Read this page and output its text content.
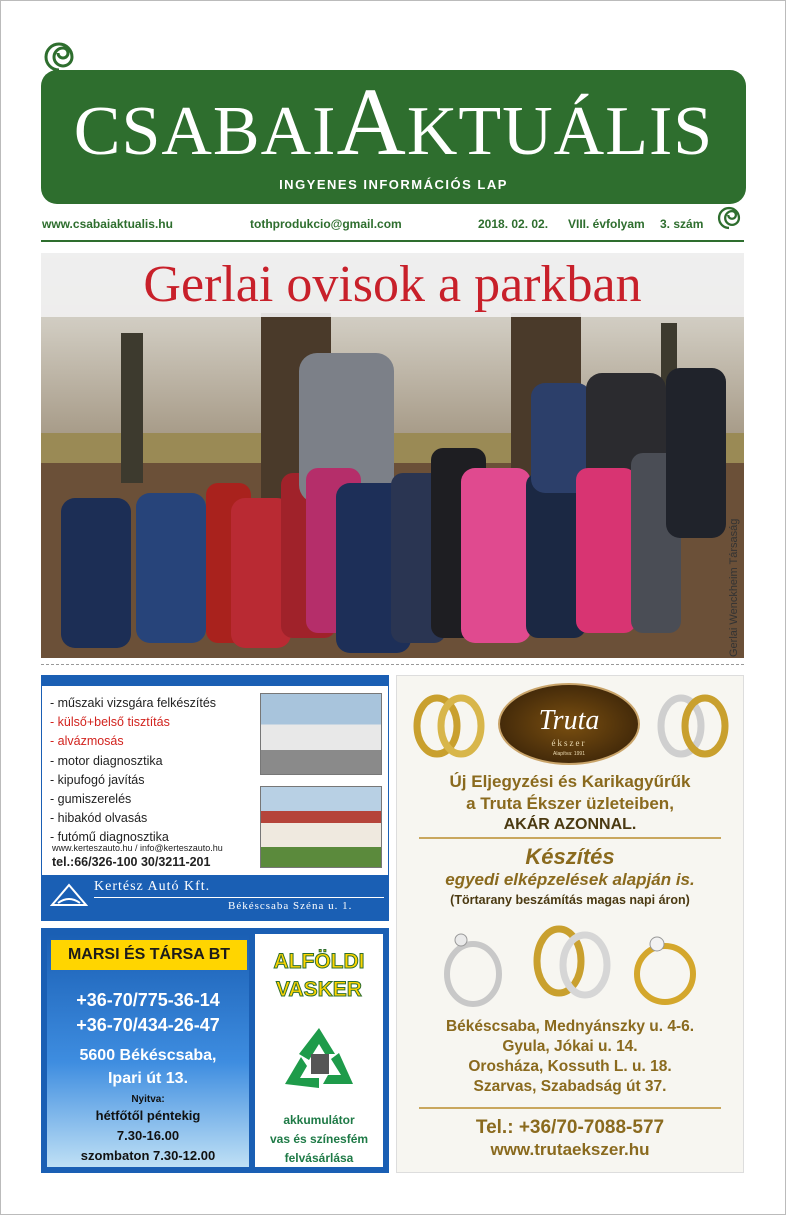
CSABAIAKTUÁLIS
INGYENES INFORMÁCIÓS LAP
www.csabaiaktualis.hu	tothprodukcio@gmail.com	2018. 02. 02. VIII. évfolyam 3. szám
Gerlai ovisok a parkban
Gerlai Wenckheim Társaság
- műszaki vizsgára felkészítés
- külső+belső tisztítás
- alvázmosás
- motor diagnosztika
- kipufogó javítás
- gumiszerelés
- hibakód olvasás
- futómű diagnosztika
www.kerteszauto.hu / info@kerteszauto.hu
tel.:66/326-100 30/3211-201
Kertész Autó Kft.
Békéscsaba Széna u. 1.
MARSI ÉS TÁRSA BT
+36-70/775-36-14
+36-70/434-26-47
5600 Békéscsaba,
Ipari út 13.
Nyitva:
hétfőtől péntekig
7.30-16.00
szombaton 7.30-12.00
ALFÖLDI
VASKER
akkumulátor
vas és színesfém
felvásárlása
Truta
ékszer
Alapítva: 1991
Új Eljegyzési és Karikagyűrűk
a Truta Ékszer üzleteiben,
AKÁR AZONNAL.
Készítés
egyedi elképzelések alapján is.
(Törtarany beszámítás magas napi áron)
Békéscsaba, Mednyánszky u. 4-6.
Gyula, Jókai u. 14.
Orosháza, Kossuth L. u. 18.
Szarvas, Szabadság út 37.
Tel.: +36/70-7088-577
www.trutaekszer.hu
